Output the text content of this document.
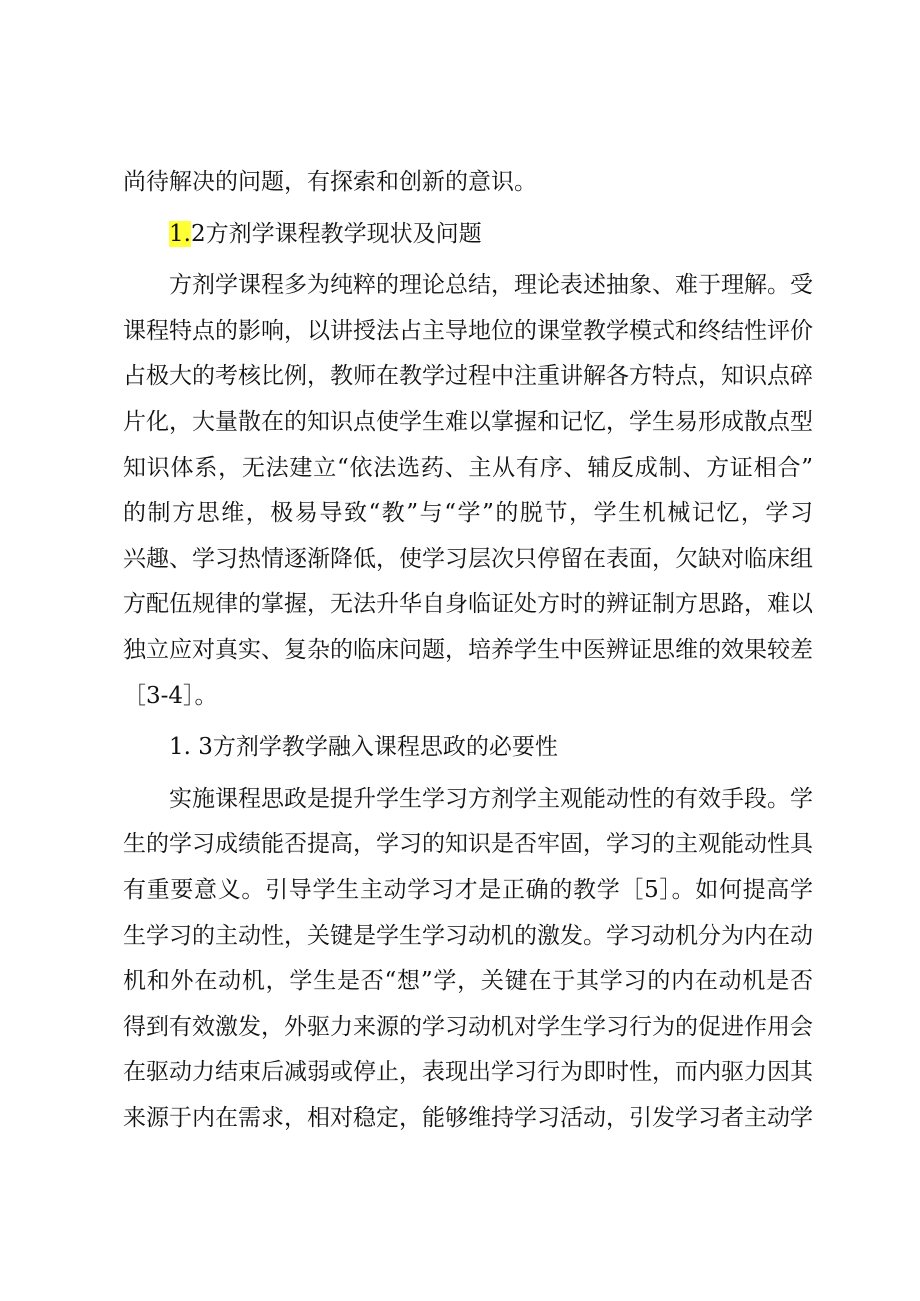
尚待解决的问题，有探索和创新的意识。
1.2方剂学课程教学现状及问题
方剂学课程多为纯粹的理论总结，理论表述抽象、难于理解。受
课程特点的影响，以讲授法占主导地位的课堂教学模式和终结性评价
占极大的考核比例，教师在教学过程中注重讲解各方特点，知识点碎
片化，大量散在的知识点使学生难以掌握和记忆，学生易形成散点型
知识体系，无法建立“依法选药、主从有序、辅反成制、方证相合”
的制方思维，极易导致“教”与“学”的脱节，学生机械记忆，学习
兴趣、学习热情逐渐降低，使学习层次只停留在表面，欠缺对临床组
方配伍规律的掌握，无法升华自身临证处方时的辨证制方思路，难以
独立应对真实、复杂的临床问题，培养学生中医辨证思维的效果较差
［3-4］。
1. 3方剂学教学融入课程思政的必要性
实施课程思政是提升学生学习方剂学主观能动性的有效手段。学
生的学习成绩能否提高，学习的知识是否牢固，学习的主观能动性具
有重要意义。引导学生主动学习才是正确的教学［5］。如何提高学
生学习的主动性，关键是学生学习动机的激发。学习动机分为内在动
机和外在动机，学生是否“想”学，关键在于其学习的内在动机是否
得到有效激发，外驱力来源的学习动机对学生学习行为的促进作用会
在驱动力结束后减弱或停止，表现出学习行为即时性，而内驱力因其
来源于内在需求，相对稳定，能够维持学习活动，引发学习者主动学
